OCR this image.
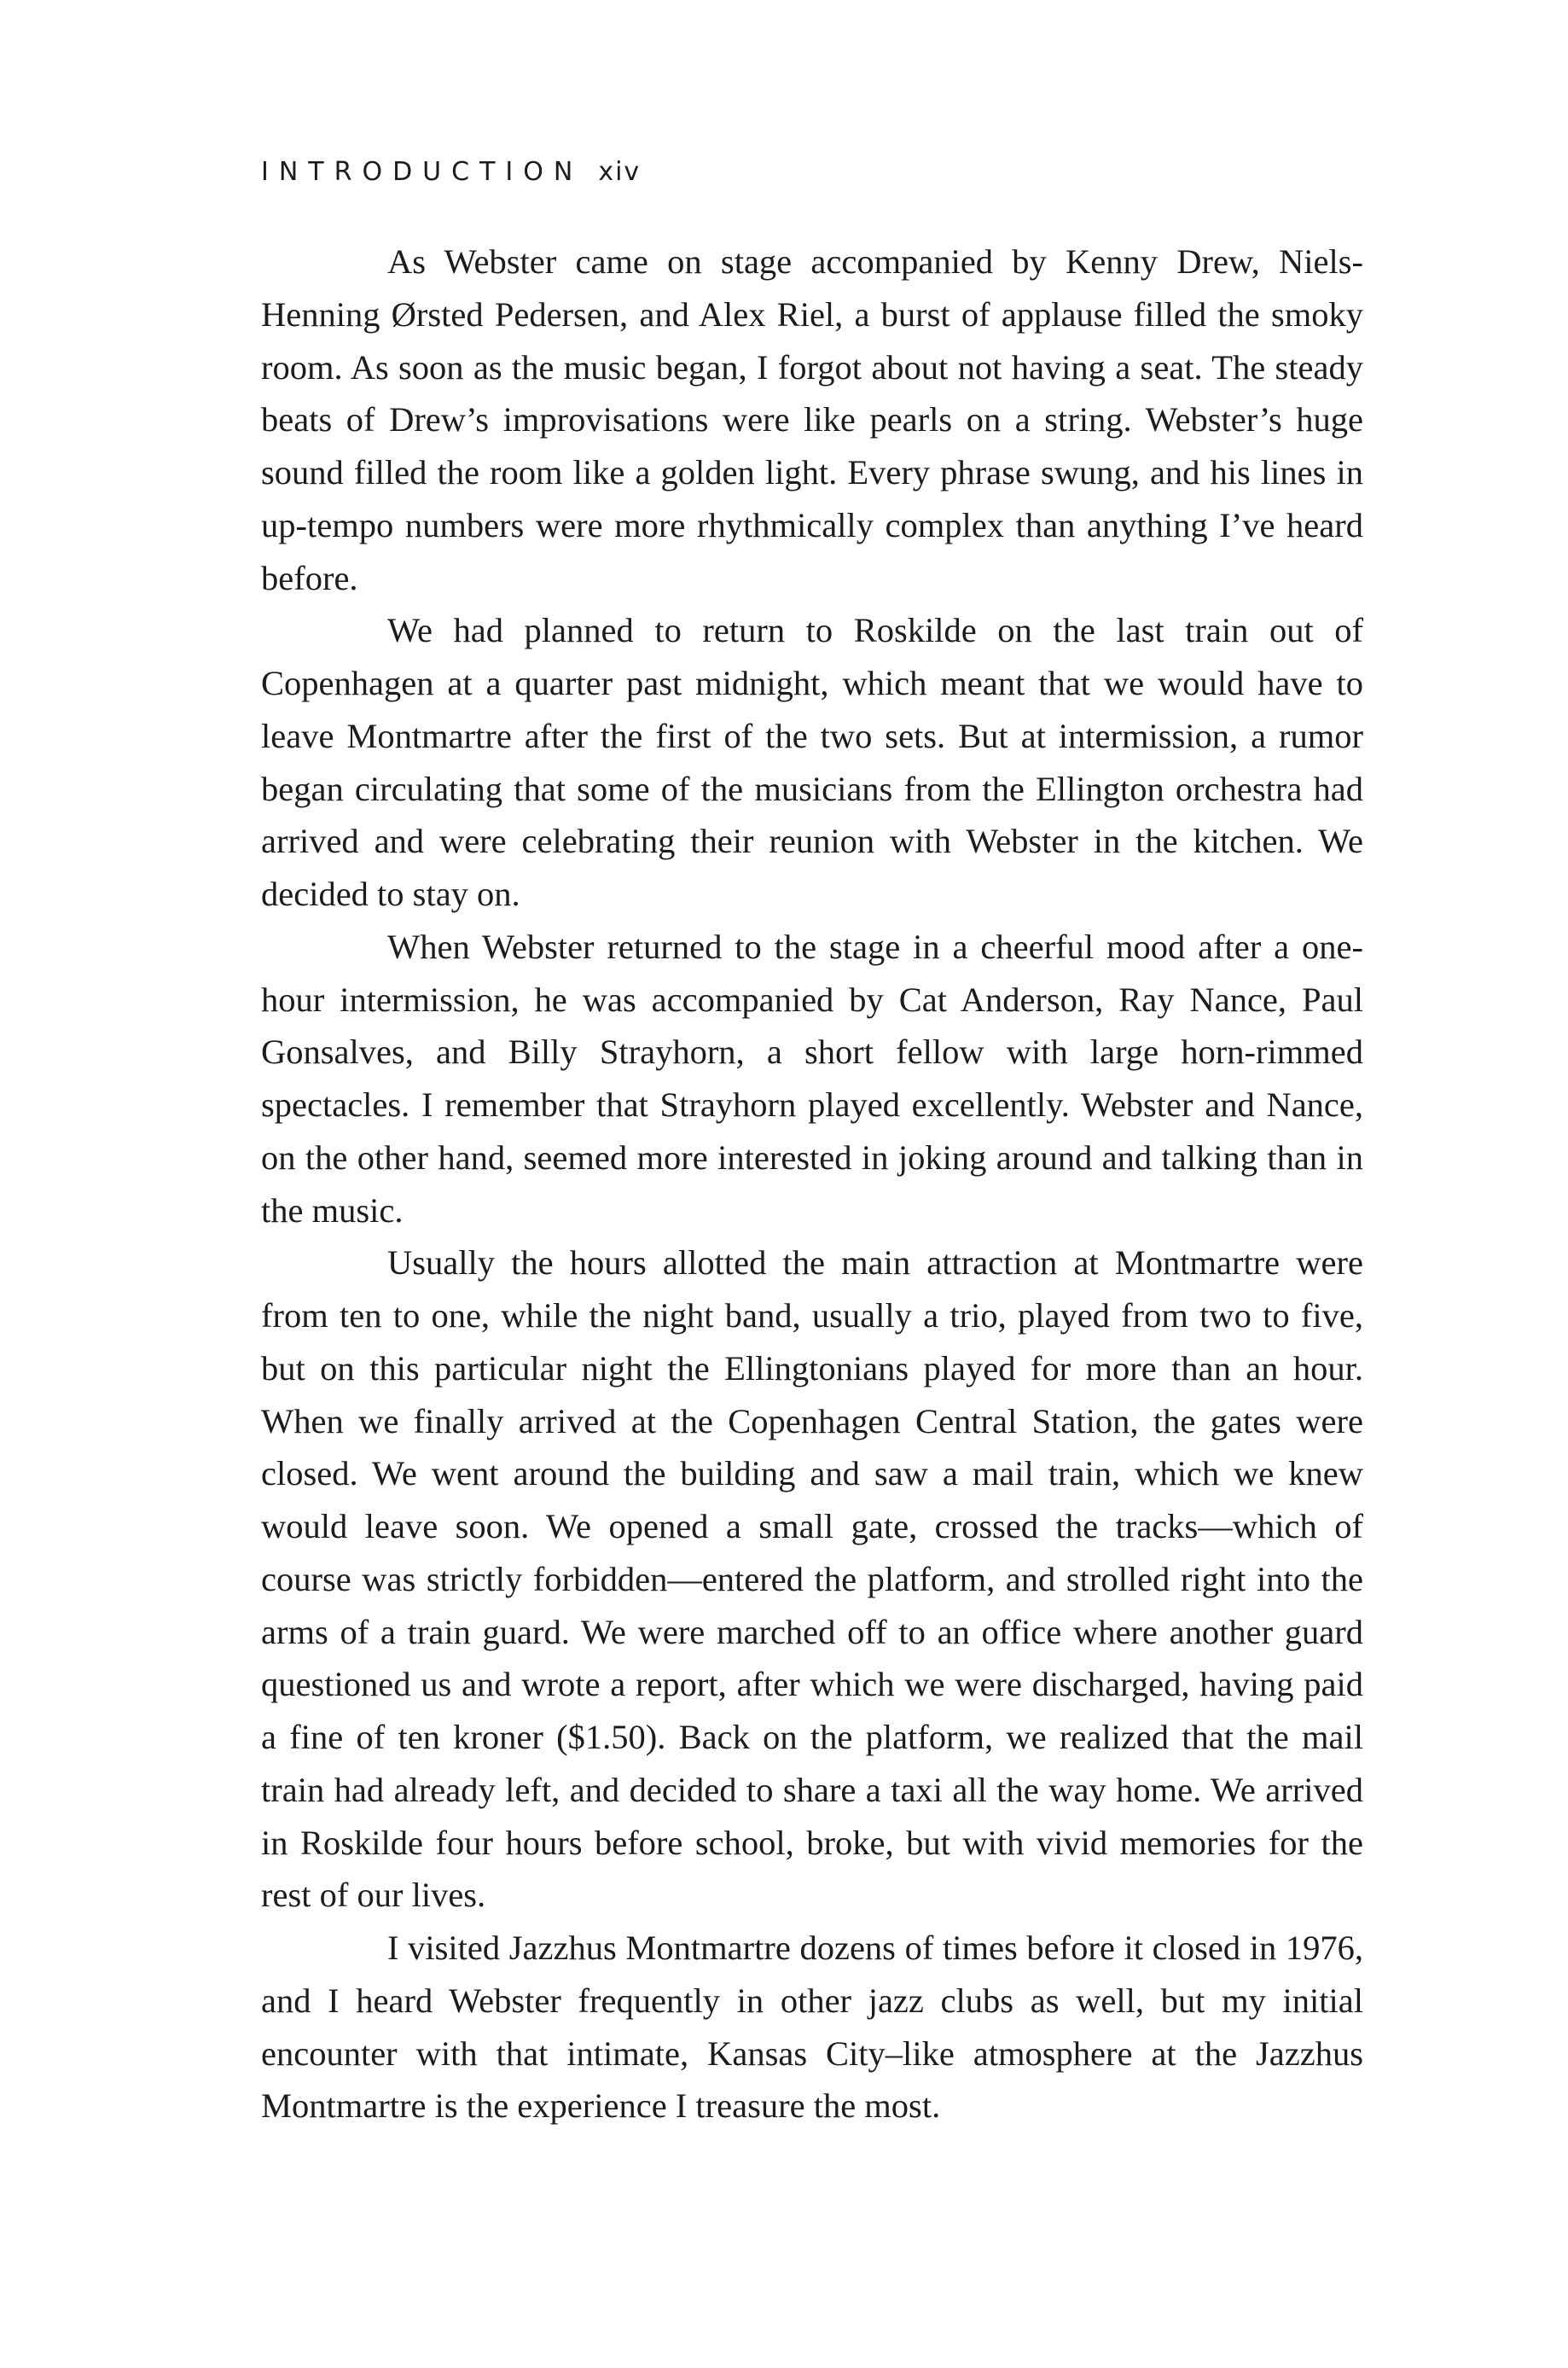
INTRODUCTION xiv

As Webster came on stage accompanied by Kenny Drew, Niels-Henning Ørsted Pedersen, and Alex Riel, a burst of applause filled the smoky room. As soon as the music began, I forgot about not having a seat. The steady beats of Drew’s improvisations were like pearls on a string. Webster’s huge sound filled the room like a golden light. Every phrase swung, and his lines in up-tempo numbers were more rhythmically complex than anything I’ve heard before.

We had planned to return to Roskilde on the last train out of Copenhagen at a quarter past midnight, which meant that we would have to leave Montmartre after the first of the two sets. But at intermission, a rumor began circulating that some of the musicians from the Ellington orchestra had arrived and were celebrating their reunion with Webster in the kitchen. We decided to stay on.

When Webster returned to the stage in a cheerful mood after a one-hour intermission, he was accompanied by Cat Anderson, Ray Nance, Paul Gonsalves, and Billy Strayhorn, a short fellow with large horn-rimmed spectacles. I remember that Strayhorn played excellently. Webster and Nance, on the other hand, seemed more interested in joking around and talking than in the music.

Usually the hours allotted the main attraction at Montmartre were from ten to one, while the night band, usually a trio, played from two to five, but on this particular night the Ellingtonians played for more than an hour. When we finally arrived at the Copenhagen Central Station, the gates were closed. We went around the building and saw a mail train, which we knew would leave soon. We opened a small gate, crossed the tracks—which of course was strictly forbidden—entered the platform, and strolled right into the arms of a train guard. We were marched off to an office where another guard questioned us and wrote a report, after which we were discharged, having paid a fine of ten kroner ($1.50). Back on the platform, we realized that the mail train had already left, and decided to share a taxi all the way home. We arrived in Roskilde four hours before school, broke, but with vivid memories for the rest of our lives.

I visited Jazzhus Montmartre dozens of times before it closed in 1976, and I heard Webster frequently in other jazz clubs as well, but my initial encounter with that intimate, Kansas City–like atmosphere at the Jazzhus Montmartre is the experience I treasure the most.
